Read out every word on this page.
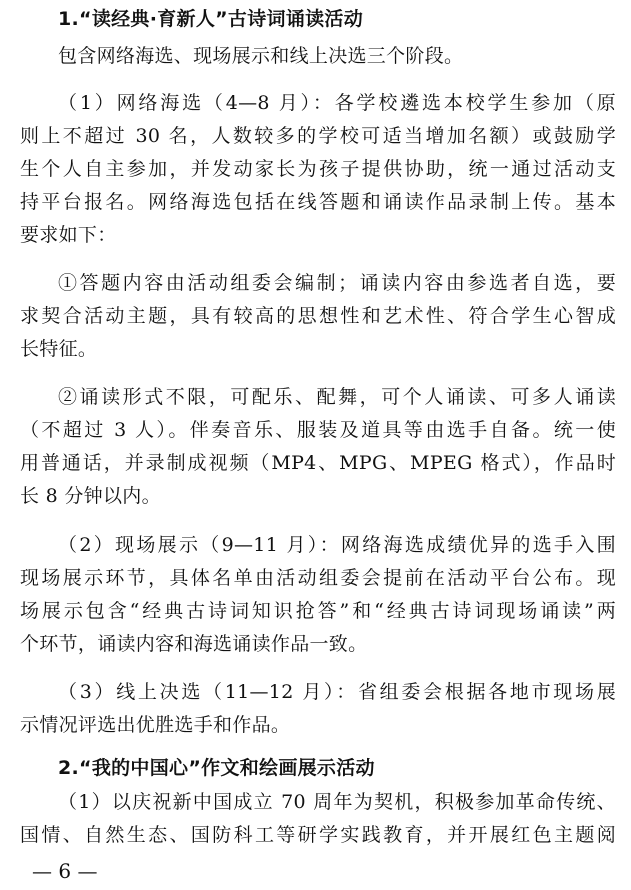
1.“读经典·育新人”古诗词诵读活动
包含网络海选、现场展示和线上决选三个阶段。
（1）网络海选（4—8 月）：各学校遴选本校学生参加（原
则上不超过 30 名，人数较多的学校可适当增加名额）或鼓励学
生个人自主参加，并发动家长为孩子提供协助，统一通过活动支
持平台报名。网络海选包括在线答题和诵读作品录制上传。基本
要求如下：
①答题内容由活动组委会编制；诵读内容由参选者自选，要
求契合活动主题，具有较高的思想性和艺术性、符合学生心智成
长特征。
②诵读形式不限，可配乐、配舞，可个人诵读、可多人诵读
（不超过 3 人）。伴奏音乐、服装及道具等由选手自备。统一使
用普通话，并录制成视频（MP4、MPG、MPEG 格式），作品时
长 8 分钟以内。
（2）现场展示（9—11 月）：网络海选成绩优异的选手入围
现场展示环节，具体名单由活动组委会提前在活动平台公布。现
场展示包含“经典古诗词知识抢答”和“经典古诗词现场诵读”两
个环节，诵读内容和海选诵读作品一致。
（3）线上决选（11—12 月）：省组委会根据各地市现场展
示情况评选出优胜选手和作品。
2.“我的中国心”作文和绘画展示活动
（1）以庆祝新中国成立 70 周年为契机，积极参加革命传统、
国情、自然生态、国防科工等研学实践教育，并开展红色主题阅
— 6 —
